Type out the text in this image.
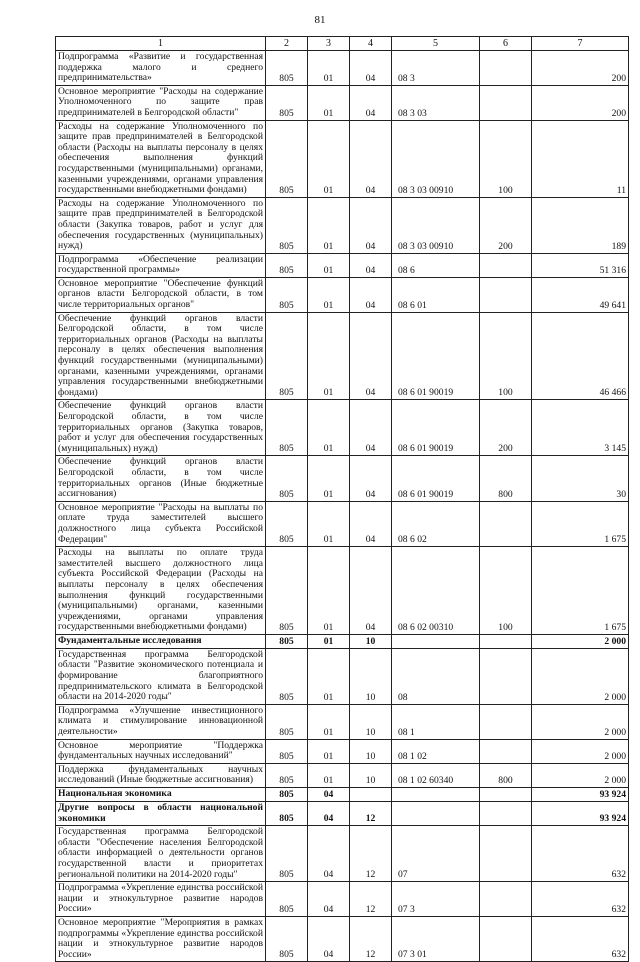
81
1	2	3	4	5	6	7
Подпрограмма «Развитие и государственная поддержка малого и среднего предпринимательства»	805	01	04	08 3		200
Основное мероприятие "Расходы на содержание Уполномоченного по защите прав предпринимателей в Белгородской области"	805	01	04	08 3 03		200
Расходы на содержание Уполномоченного по защите прав предпринимателей в Белгородской области (Расходы на выплаты персоналу в целях обеспечения выполнения функций государственными (муниципальными) органами, казенными учреждениями, органами управления государственными внебюджетными фондами)	805	01	04	08 3 03 00910	100	11
Расходы на содержание Уполномоченного по защите прав предпринимателей в Белгородской области (Закупка товаров, работ и услуг для обеспечения государственных (муниципальных) нужд)	805	01	04	08 3 03 00910	200	189
Подпрограмма «Обеспечение реализации государственной программы»	805	01	04	08 6		51 316
Основное мероприятие "Обеспечение функций органов власти Белгородской области, в том числе территориальных органов"	805	01	04	08 6 01		49 641
Обеспечение функций органов власти Белгородской области, в том числе территориальных органов (Расходы на выплаты персоналу в целях обеспечения выполнения функций государственными (муниципальными) органами, казенными учреждениями, органами управления государственными внебюджетными фондами)	805	01	04	08 6 01 90019	100	46 466
Обеспечение функций органов власти Белгородской области, в том числе территориальных органов (Закупка товаров, работ и услуг для обеспечения государственных (муниципальных) нужд)	805	01	04	08 6 01 90019	200	3 145
Обеспечение функций органов власти Белгородской области, в том числе территориальных органов (Иные бюджетные ассигнования)	805	01	04	08 6 01 90019	800	30
Основное мероприятие "Расходы на выплаты по оплате труда заместителей высшего должностного лица субъекта Российской Федерации"	805	01	04	08 6 02		1 675
Расходы на выплаты по оплате труда заместителей высшего должностного лица субъекта Российской Федерации (Расходы на выплаты персоналу в целях обеспечения выполнения функций государственными (муниципальными) органами, казенными учреждениями, органами управления государственными внебюджетными фондами)	805	01	04	08 6 02 00310	100	1 675
Фундаментальные исследования	805	01	10			2 000
Государственная программа Белгородской области "Развитие экономического потенциала и формирование благоприятного предпринимательского климата в Белгородской области на 2014-2020 годы"	805	01	10	08		2 000
Подпрограмма «Улучшение инвестиционного климата и стимулирование инновационной деятельности»	805	01	10	08 1		2 000
Основное мероприятие "Поддержка фундаментальных научных исследований"	805	01	10	08 1 02		2 000
Поддержка фундаментальных научных исследований (Иные бюджетные ассигнования)	805	01	10	08 1 02 60340	800	2 000
Национальная экономика	805	04				93 924
Другие вопросы в области национальной экономики	805	04	12			93 924
Государственная программа Белгородской области "Обеспечение населения Белгородской области информацией о деятельности органов государственной власти и приоритетах региональной политики на 2014-2020 годы"	805	04	12	07		632
Подпрограмма «Укрепление единства российской нации и этнокультурное развитие народов России»	805	04	12	07 3		632
Основное мероприятие "Мероприятия в рамках подпрограммы «Укрепление единства российской нации и этнокультурное развитие народов России»	805	04	12	07 3 01		632
